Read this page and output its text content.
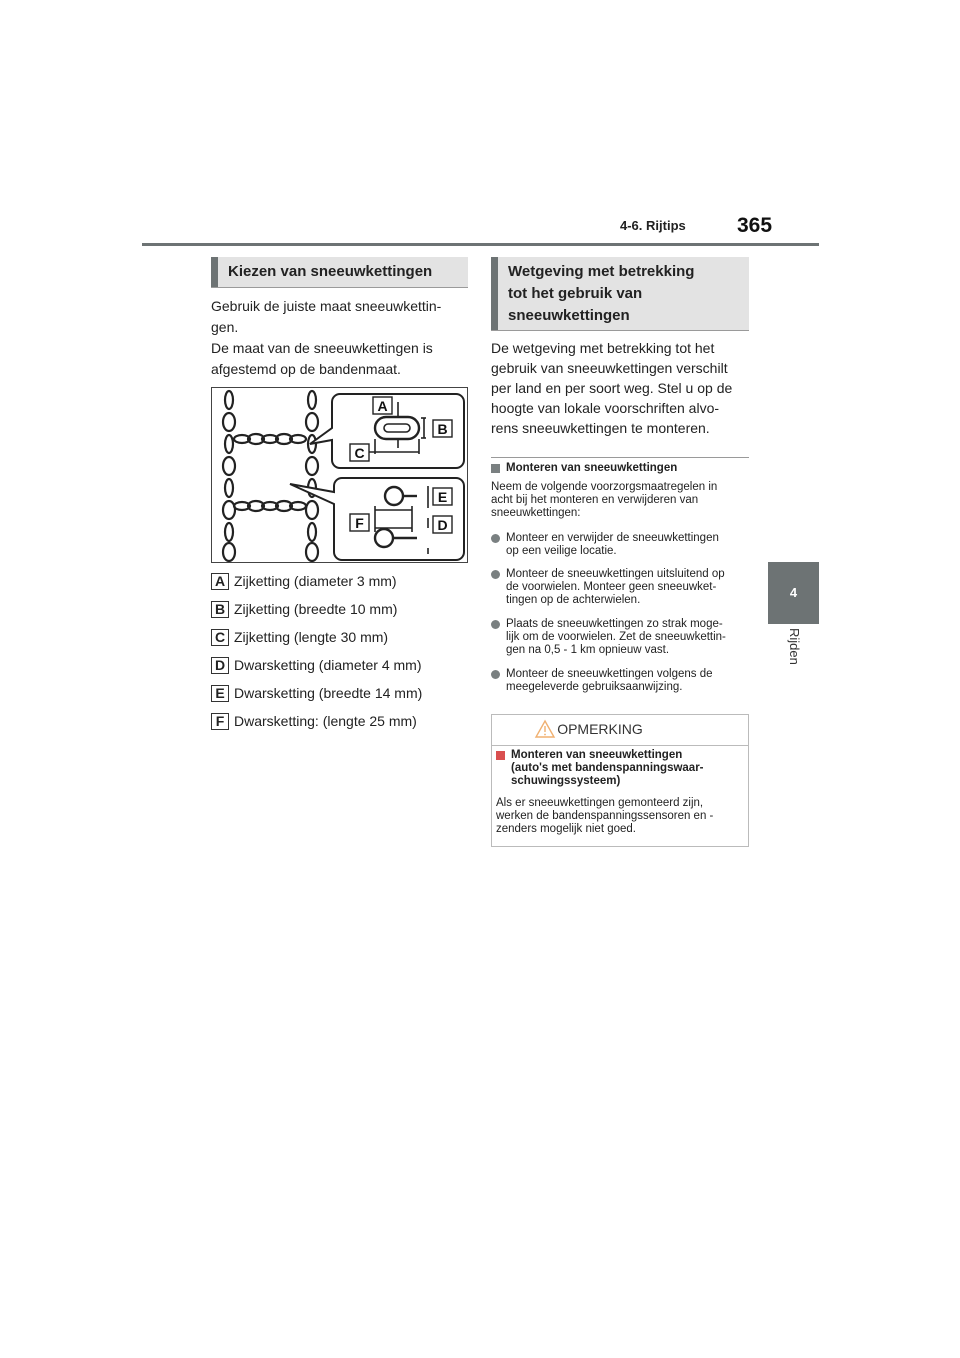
4-6. Rijtips 365
4
Rijden
Kiezen van sneeuwkettingen
Gebruik de juiste maat sneeuwkettin-
gen.
De maat van de sneeuwkettingen is
afgestemd op de bandenmaat.
A
B
C
E
F	D
A Zijketting (diameter 3 mm)
B Zijketting (breedte 10 mm)
C Zijketting (lengte 30 mm)
D Dwarsketting (diameter 4 mm)
E Dwarsketting (breedte 14 mm)
F Dwarsketting: (lengte 25 mm)
Wetgeving met betrekking
tot het gebruik van
sneeuwkettingen
De wetgeving met betrekking tot het
gebruik van sneeuwkettingen verschilt
per land en per soort weg. Stel u op de
hoogte van lokale voorschriften alvo-
rens sneeuwkettingen te monteren.
Monteren van sneeuwkettingen
Neem de volgende voorzorgsmaatregelen in
acht bij het monteren en verwijderen van
sneeuwkettingen:
Monteer en verwijder de sneeuwkettingen
op een veilige locatie.
Monteer de sneeuwkettingen uitsluitend op
de voorwielen. Monteer geen sneeuwket-
tingen op de achterwielen.
Plaats de sneeuwkettingen zo strak moge-
lijk om de voorwielen. Zet de sneeuwkettin-
gen na 0,5 - 1 km opnieuw vast.
Monteer de sneeuwkettingen volgens de
meegeleverde gebruiksaanwijzing.
OPMERKING
Monteren van sneeuwkettingen
(auto's met bandenspanningswaar-
schuwingssysteem)
Als er sneeuwkettingen gemonteerd zijn,
werken de bandenspanningssensoren en -
zenders mogelijk niet goed.
